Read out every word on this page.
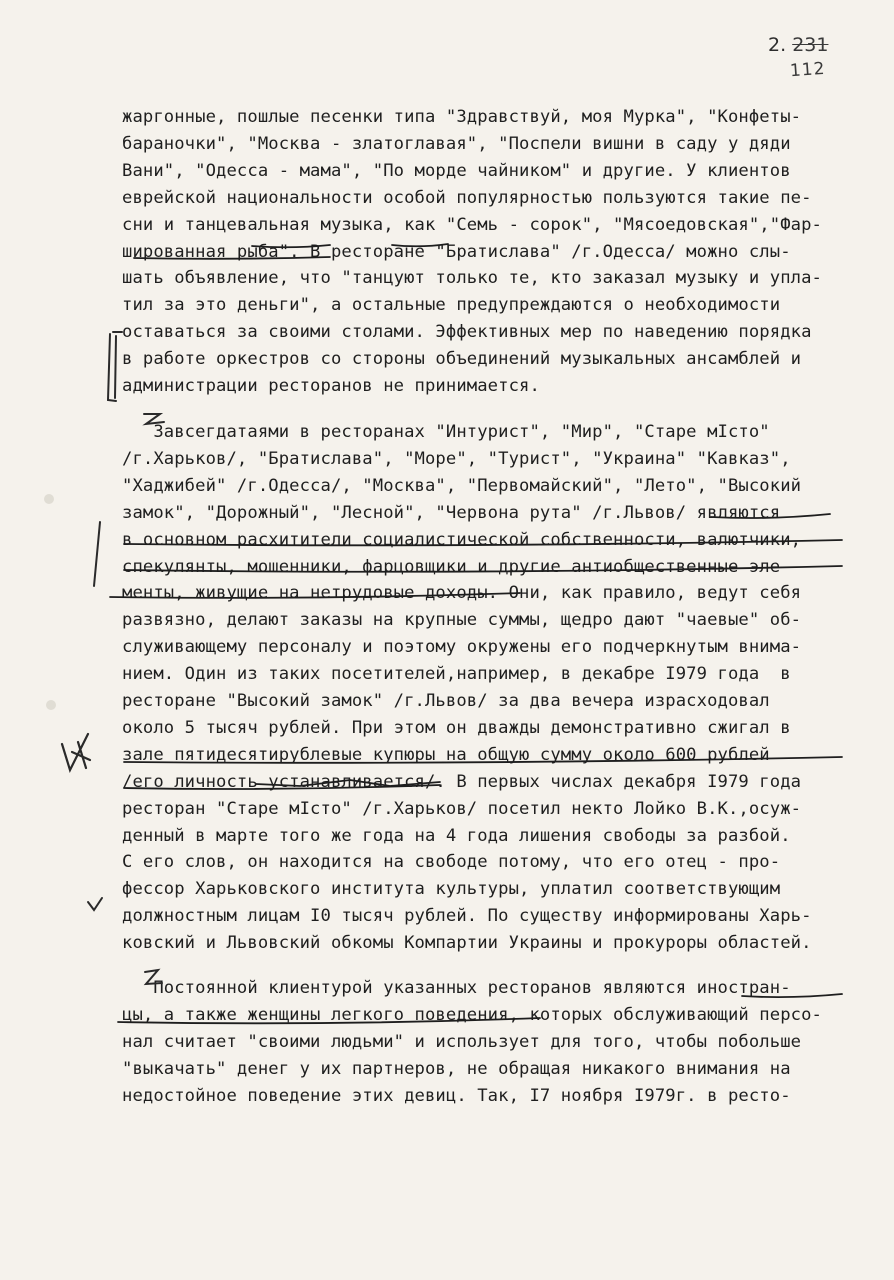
2. 231
112
жаргонные, пошлые песенки типа "Здравствуй, моя Мурка", "Конфеты-
бараночки", "Москва - златоглавая", "Поспели вишни в саду у дяди
Вани", "Одесса - мама", "По морде чайником" и другие. У клиентов
еврейской национальности особой популярностью пользуются такие пе-
сни и танцевальная музыка, как "Семь - сорок", "Мясоедовская","Фар-
шированная рыба". В ресторане "Братислава" /г.Одесса/ можно слы-
шать объявление, что "танцуют только те, кто заказал музыку и упла-
тил за это деньги", а остальные предупреждаются о необходимости
оставаться за своими столами. Эффективных мер по наведению порядка
в работе оркестров со стороны объединений музыкальных ансамблей и
администрации ресторанов не принимается.
Завсегдатаями в ресторанах "Интурист", "Мир", "Старе мIсто"
/г.Харьков/, "Братислава", "Море", "Турист", "Украина" "Кавказ",
"Хаджибей" /г.Одесса/, "Москва", "Первомайский", "Лето", "Высокий
замок", "Дорожный", "Лесной", "Червона рута" /г.Львов/ являются
в основном расхитители социалистической собственности, валютчики,
спекулянты, мошенники, фарцовщики и другие антиобщественные эле-
менты, живущие на нетрудовые доходы. Они, как правило, ведут себя
развязно, делают заказы на крупные суммы, щедро дают "чаевые" об-
служивающему персоналу и поэтому окружены его подчеркнутым внима-
нием. Один из таких посетителей,например, в декабре I979 года  в
ресторане "Высокий замок" /г.Львов/ за два вечера израсходовал
около 5 тысяч рублей. При этом он дважды демонстративно сжигал в
зале пятидесятирублевые купюры на общую сумму около 600 рублей
/его личность устанавливается/. В первых числах декабря I979 года
ресторан "Старе мIсто" /г.Харьков/ посетил некто Лойко В.К.,осуж-
денный в марте того же года на 4 года лишения свободы за разбой.
С его слов, он находится на свободе потому, что его отец - про-
фессор Харьковского института культуры, уплатил соответствующим
должностным лицам I0 тысяч рублей. По существу информированы Харь-
ковский и Львовский обкомы Компартии Украины и прокуроры областей.
Постоянной клиентурой указанных ресторанов являются иностран-
цы, а также женщины легкого поведения, которых обслуживающий персо-
нал считает "своими людьми" и использует для того, чтобы побольше
"выкачать" денег у их партнеров, не обращая никакого внимания на
недостойное поведение этих девиц. Так, I7 ноября I979г. в ресто-
